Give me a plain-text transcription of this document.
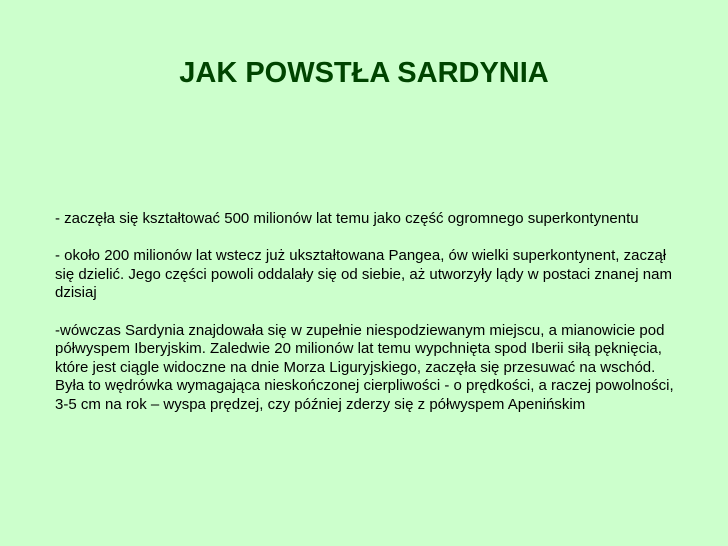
JAK POWSTŁA SARDYNIA

- zaczęła się kształtować 500 milionów lat temu jako część ogromnego superkontynentu

- około 200 milionów lat wstecz już ukształtowana Pangea, ów wielki superkontynent, zaczął się dzielić. Jego części powoli oddalały się od siebie, aż utworzyły lądy w postaci znanej nam dzisiaj

-wówczas Sardynia znajdowała się w zupełnie niespodziewanym miejscu, a mianowicie pod półwyspem Iberyjskim. Zaledwie 20 milionów lat temu wypchnięta spod Iberii siłą pęknięcia, które jest ciągle widoczne na dnie Morza Liguryjskiego, zaczęła się przesuwać na wschód. Była to wędrówka wymagająca nieskończonej cierpliwości - o prędkości, a raczej powolności, 3-5 cm na rok – wyspa prędzej, czy później zderzy się z półwyspem Apenińskim
